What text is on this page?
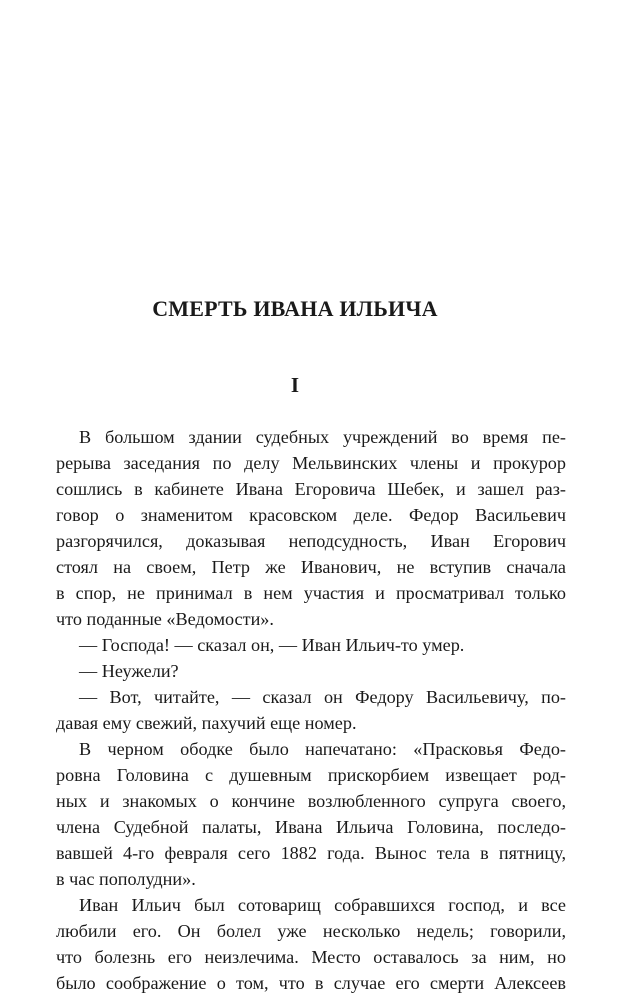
СМЕРТЬ ИВАНА ИЛЬИЧА
I
В большом здании судебных учреждений во время пе-
рерыва заседания по делу Мельвинских члены и прокурор
сошлись в кабинете Ивана Егоровича Шебек, и зашел раз-
говор о знаменитом красовском деле. Федор Васильевич
разгорячился, доказывая неподсудность, Иван Егорович
стоял на своем, Петр же Иванович, не вступив сначала
в спор, не принимал в нем участия и просматривал только
что поданные «Ведомости».
— Господа! — сказал он, — Иван Ильич-то умер.
— Неужели?
— Вот, читайте, — сказал он Федору Васильевичу, по-
давая ему свежий, пахучий еще номер.
В черном ободке было напечатано: «Прасковья Федо-
ровна Головина с душевным прискорбием извещает род-
ных и знакомых о кончине возлюбленного супруга своего,
члена Судебной палаты, Ивана Ильича Головина, последо-
вавшей 4-го февраля сего 1882 года. Вынос тела в пятницу,
в час пополудни».
Иван Ильич был сотоварищ собравшихся господ, и все
любили его. Он болел уже несколько недель; говорили,
что болезнь его неизлечима. Место оставалось за ним, но
было соображение о том, что в случае его смерти Алексеев
